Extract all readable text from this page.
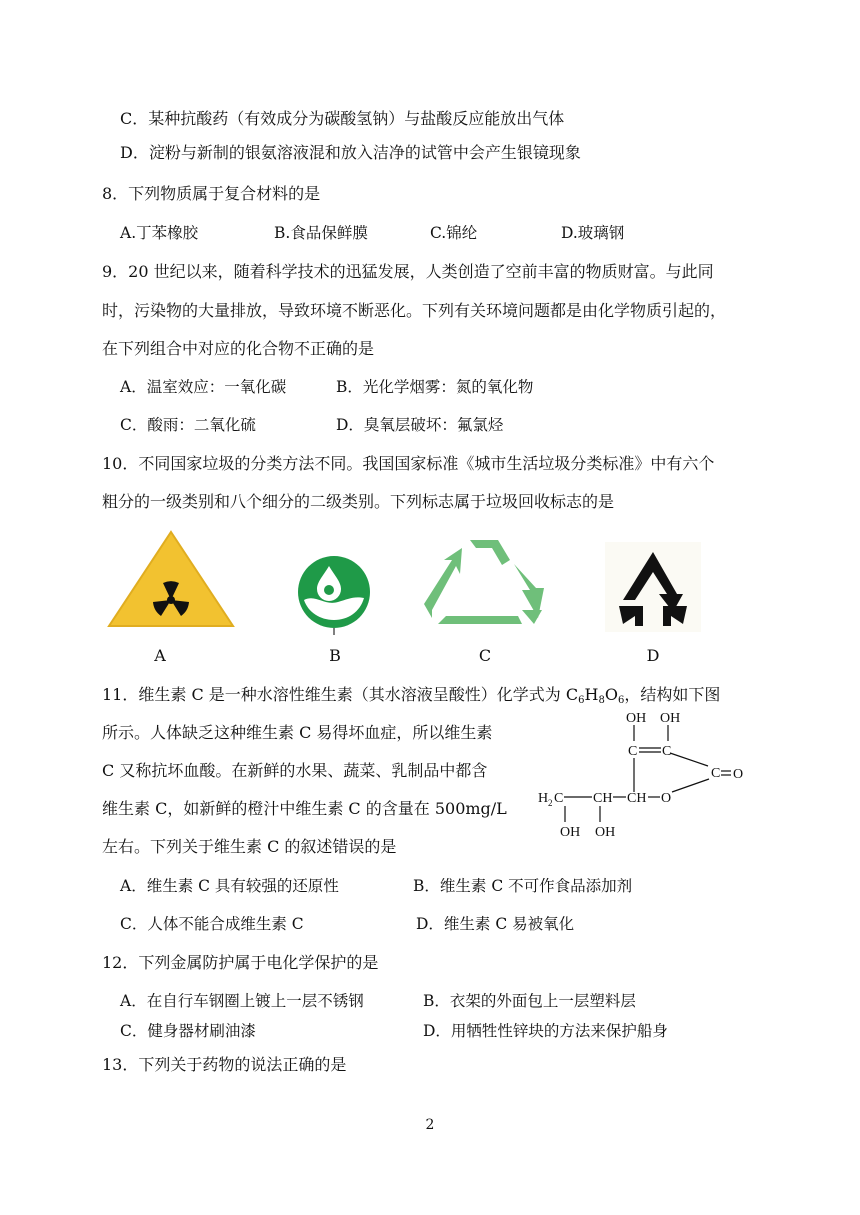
C．某种抗酸药（有效成分为碳酸氢钠）与盐酸反应能放出气体
D．淀粉与新制的银氨溶液混和放入洁净的试管中会产生银镜现象
8．下列物质属于复合材料的是
A.丁苯橡胶	B.食品保鲜膜	C.锦纶	D.玻璃钢
9．20 世纪以来，随着科学技术的迅猛发展，人类创造了空前丰富的物质财富。与此同
时，污染物的大量排放，导致环境不断恶化。下列有关环境问题都是由化学物质引起的，
在下列组合中对应的化合物不正确的是
A．温室效应：一氧化碳	B．光化学烟雾：氮的氧化物
C．酸雨：二氧化硫	D．臭氧层破坏：氟氯烃
10．不同国家垃圾的分类方法不同。我国国家标准《城市生活垃圾分类标准》中有六个
粗分的一级类别和八个细分的二级类别。下列标志属于垃圾回收标志的是
A	B	C	D
11．维生素 C 是一种水溶性维生素（其水溶液呈酸性）化学式为 $C_6H_8O_6$，结构如下图
所示。人体缺乏这种维生素 C 易得坏血症，所以维生素
C 又称抗坏血酸。在新鲜的水果、蔬菜、乳制品中都含
维生素 C，如新鲜的橙汁中维生素 C 的含量在 500mg/L
左右。下列关于维生素 C 的叙述错误的是
OH OH
C C
C O
H 2 C CH CH O
OH OH
A．维生素 C 具有较强的还原性	B．维生素 C 不可作食品添加剂
C．人体不能合成维生素 C	D．维生素 C 易被氧化
12．下列金属防护属于电化学保护的是
A．在自行车钢圈上镀上一层不锈钢	B．衣架的外面包上一层塑料层
C．健身器材刷油漆	D．用牺牲性锌块的方法来保护船身
13．下列关于药物的说法正确的是
2
